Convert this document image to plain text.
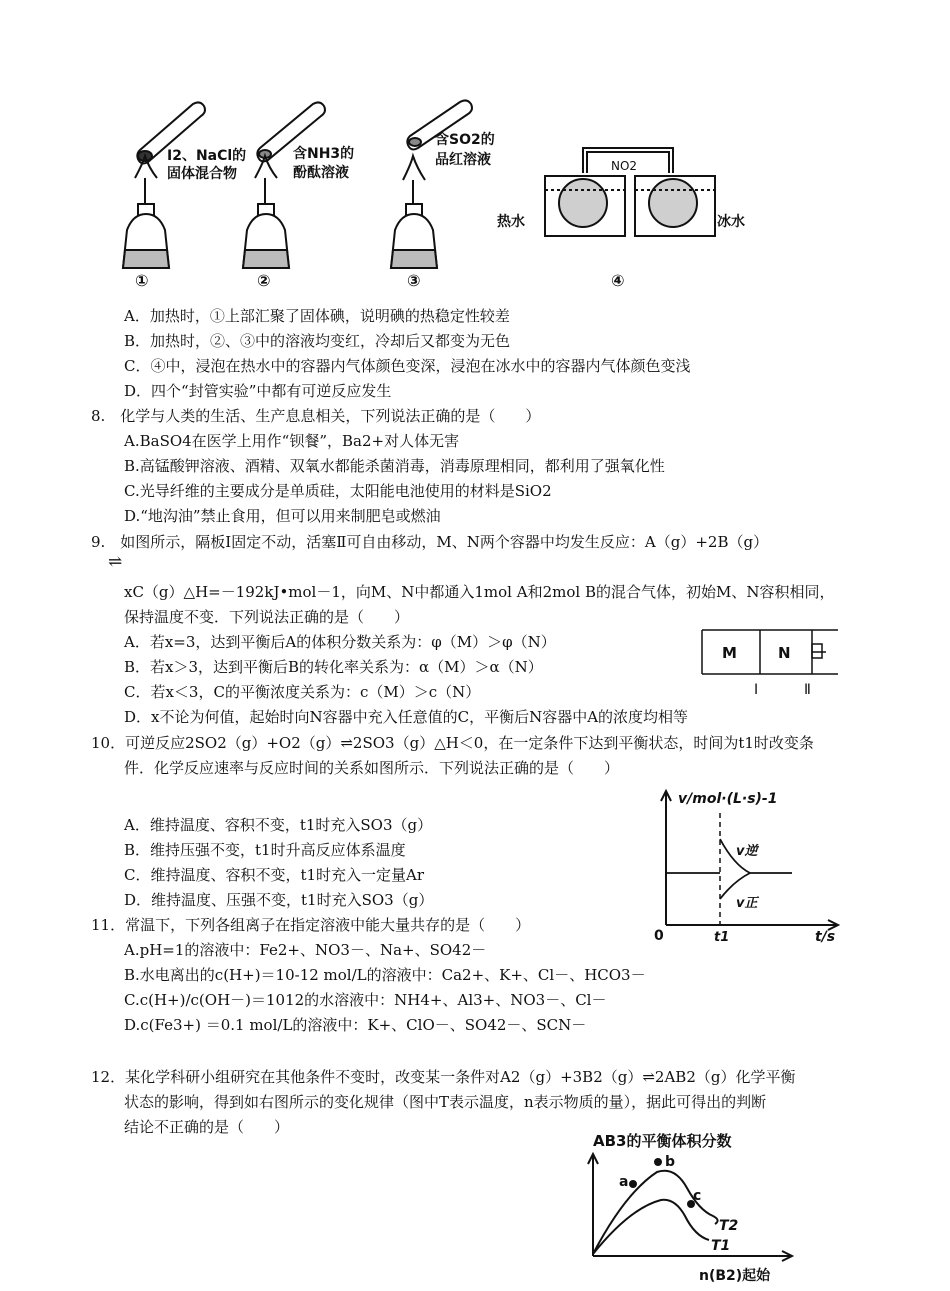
I2、NaCl的
固体混合物
含NH3的
酚酞溶液
含SO2的
品红溶液	NO2
热水	冰水
①	②	③	④
A．加热时，①上部汇聚了固体碘，说明碘的热稳定性较差
B．加热时，②、③中的溶液均变红，冷却后又都变为无色
C．④中，浸泡在热水中的容器内气体颜色变深，浸泡在冰水中的容器内气体颜色变浅
D．四个“封管实验”中都有可逆反应发生
8.　化学与人类的生活、生产息息相关，下列说法正确的是（　　）
A.BaSO4在医学上用作“钡餐”，Ba2+对人体无害
B.高锰酸钾溶液、酒精、双氧水都能杀菌消毒，消毒原理相同，都利用了强氧化性
C.光导纤维的主要成分是单质硅，太阳能电池使用的材料是SiO2
D.“地沟油”禁止食用，但可以用来制肥皂或燃油
9.　如图所示，隔板Ⅰ固定不动，活塞Ⅱ可自由移动，M、N两个容器中均发生反应：A（g）+2B（g）
⇌
xC（g）△H=－192kJ•mol－1，向M、N中都通入1mol A和2mol B的混合气体，初始M、N容积相同，
保持温度不变．下列说法正确的是（　　）
A．若x=3，达到平衡后A的体积分数关系为：φ（M）＞φ（N）
B．若x＞3，达到平衡后B的转化率关系为：α（M）＞α（N）
C．若x＜3，C的平衡浓度关系为：c（M）＞c（N）
D．x不论为何值，起始时向N容器中充入任意值的C，平衡后N容器中A的浓度均相等
M	N
Ⅰ	Ⅱ
10．可逆反应2SO2（g）+O2（g）⇌2SO3（g）△H＜0，在一定条件下达到平衡状态，时间为t1时改变条
件．化学反应速率与反应时间的关系如图所示．下列说法正确的是（　　）
A．维持温度、容积不变，t1时充入SO3（g）
B．维持压强不变，t1时升高反应体系温度
C．维持温度、容积不变，t1时充入一定量Ar
D．维持温度、压强不变，t1时充入SO3（g）
v/mol·(L·s)-1
0	t1	t/s
v逆
v正
11．常温下，下列各组离子在指定溶液中能大量共存的是（　　）
A.pH=1的溶液中：Fe2+、NO3－、Na+、SO42－
B.水电离出的c(H+)＝10-12 mol/L的溶液中：Ca2+、K+、Cl－、HCO3－
C.c(H+)/c(OH－)＝1012的水溶液中：NH4+、Al3+、NO3－、Cl－
D.c(Fe3+) ＝0.1 mol/L的溶液中：K+、ClO－、SO42－、SCN－
12．某化学科研小组研究在其他条件不变时，改变某一条件对A2（g）+3B2（g）⇌2AB2（g）化学平衡
状态的影响，得到如右图所示的变化规律（图中T表示温度，n表示物质的量），据此可得出的判断
结论不正确的是（　　）
AB3的平衡体积分数
a
b
c
T2
T1
n(B2)起始
